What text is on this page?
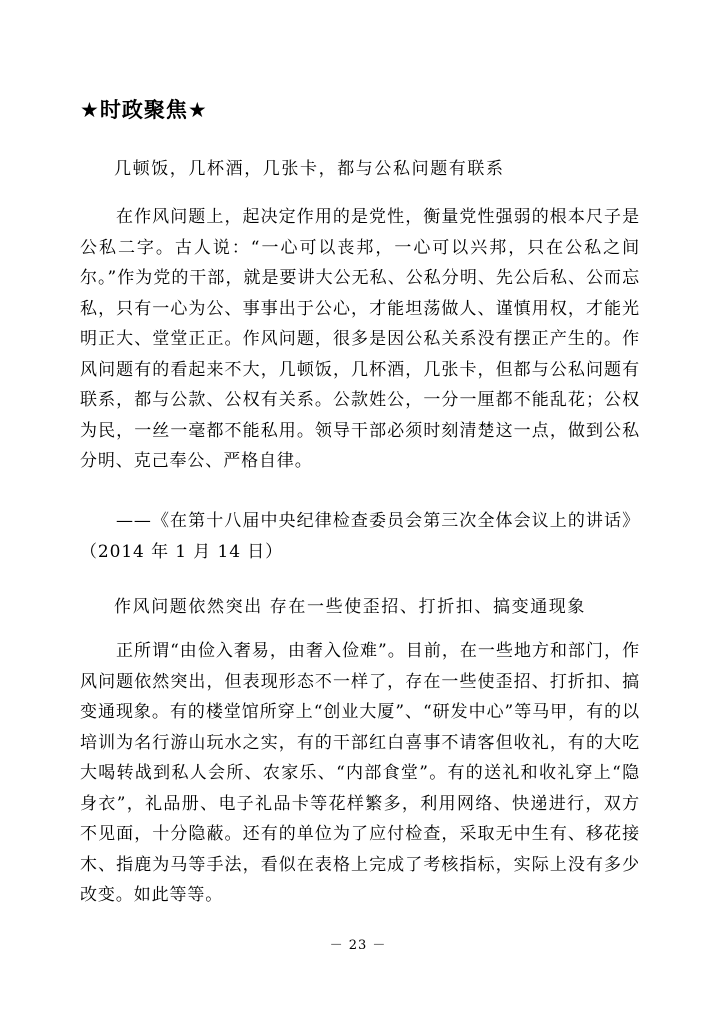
★时政聚焦★
几顿饭，几杯酒，几张卡，都与公私问题有联系
在作风问题上，起决定作用的是党性，衡量党性强弱的根本尺子是公私二字。古人说：“一心可以丧邦，一心可以兴邦，只在公私之间尔。”作为党的干部，就是要讲大公无私、公私分明、先公后私、公而忘私，只有一心为公、事事出于公心，才能坦荡做人、谨慎用权，才能光明正大、堂堂正正。作风问题，很多是因公私关系没有摆正产生的。作风问题有的看起来不大，几顿饭，几杯酒，几张卡，但都与公私问题有联系，都与公款、公权有关系。公款姓公，一分一厘都不能乱花；公权为民，一丝一毫都不能私用。领导干部必须时刻清楚这一点，做到公私分明、克己奉公、严格自律。
——《在第十八届中央纪律检查委员会第三次全体会议上的讲话》（2014 年 1 月 14 日）
作风问题依然突出 存在一些使歪招、打折扣、搞变通现象
正所谓“由俭入奢易，由奢入俭难”。目前，在一些地方和部门，作风问题依然突出，但表现形态不一样了，存在一些使歪招、打折扣、搞变通现象。有的楼堂馆所穿上“创业大厦”、“研发中心”等马甲，有的以培训为名行游山玩水之实，有的干部红白喜事不请客但收礼，有的大吃大喝转战到私人会所、农家乐、“内部食堂”。有的送礼和收礼穿上“隐身衣”，礼品册、电子礼品卡等花样繁多，利用网络、快递进行，双方不见面，十分隐蔽。还有的单位为了应付检查，采取无中生有、移花接木、指鹿为马等手法，看似在表格上完成了考核指标，实际上没有多少改变。如此等等。
－ 23 －
